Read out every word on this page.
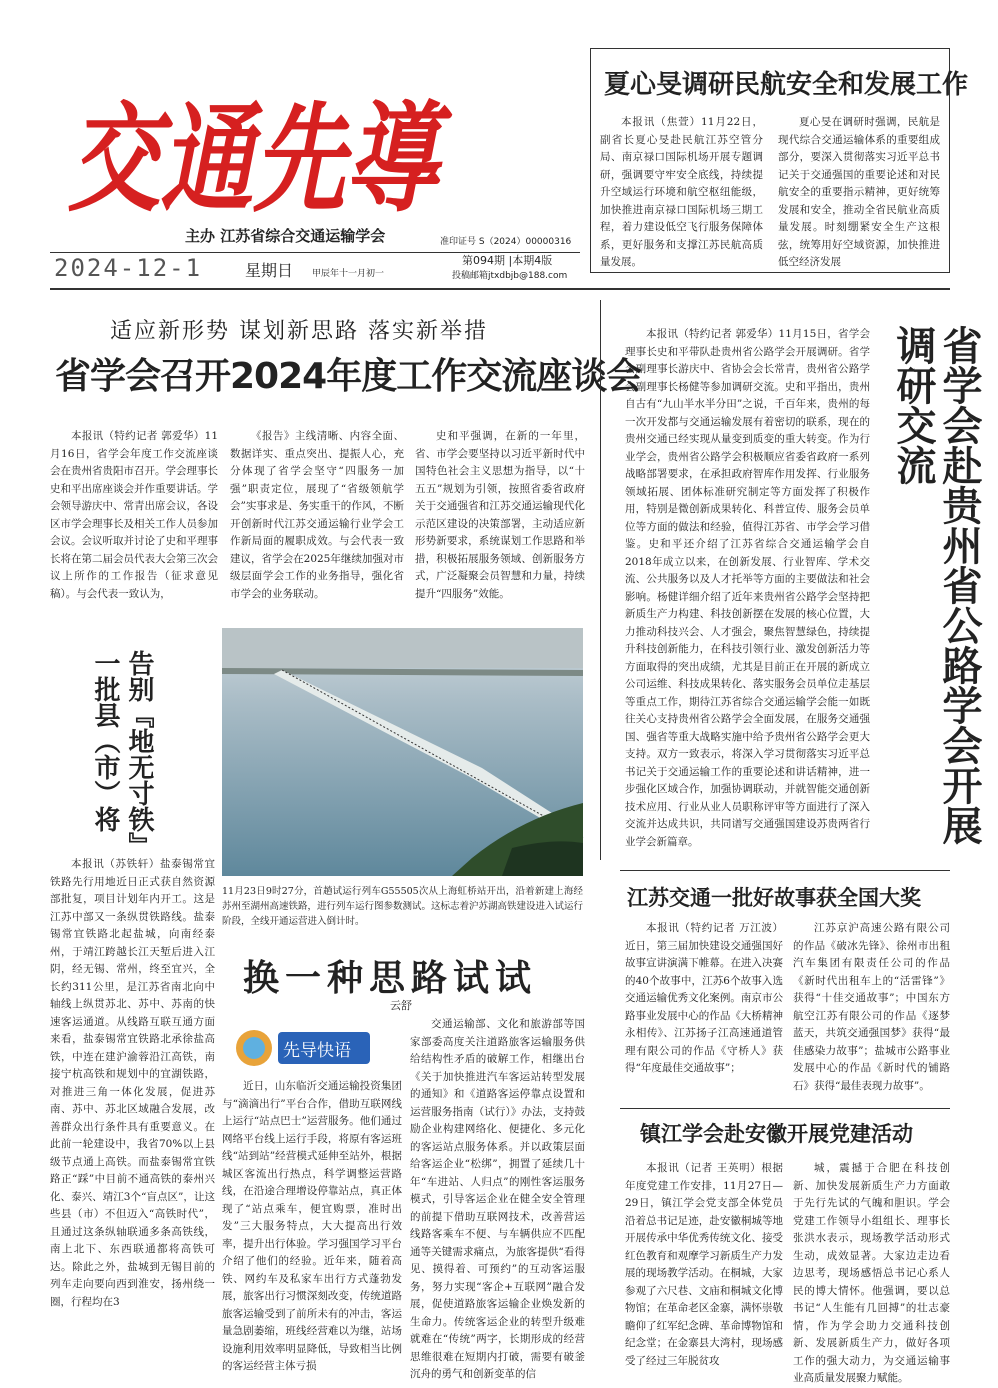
交通先導
主办 江苏省综合交通运输学会	准印证号 S（2024）00000316
2024-12-1	星期日 甲辰年十一月初一
第094期 |本期4版
投稿邮箱jtxdbjb@188.com
夏心旻调研民航安全和发展工作

本报讯（焦萱）11月22日，副省长夏心旻赴民航江苏空管分局、南京禄口国际机场开展专题调研，强调要守牢安全底线，持续提升空域运行环境和航空枢纽能级，加快推进南京禄口国际机场三期工程，着力建设低空飞行服务保障体系，更好服务和支撑江苏民航高质量发展。

夏心旻在调研时强调，民航是现代综合交通运输体系的重要组成部分，要深入贯彻落实习近平总书记关于交通强国的重要论述和对民航安全的重要指示精神，更好统筹发展和安全，推动全省民航业高质量发展。时刻绷紧安全生产这根弦，统筹用好空域资源，加快推进低空经济发展

适应新形势 谋划新思路 落实新举措
省学会召开2024年度工作交流座谈会

本报讯（特约记者 郭爱华）11月16日，省学会年度工作交流座谈会在贵州省贵阳市召开。学会理事长史和平出席座谈会并作重要讲话。学会领导游庆中、常青出席会议，各设区市学会理事长及相关工作人员参加会议。会议听取并讨论了史和平理事长将在第二届会员代表大会第三次会议上所作的工作报告（征求意见稿）。与会代表一致认为，

《报告》主线清晰、内容全面、数据详实、重点突出、提振人心，充分体现了省学会坚守“四服务一加强”职责定位，展现了“省级领航学会”实事求是、务实重干的作风，不断开创新时代江苏交通运输行业学会工作新局面的履职成效。与会代表一致建议，省学会在2025年继续加强对市级层面学会工作的业务指导，强化省市学会的业务联动。

史和平强调，在新的一年里，省、市学会要坚持以习近平新时代中国特色社会主义思想为指导，以“十五五”规划为引领，按照省委省政府关于交通强省和江苏交通运输现代化示范区建设的决策部署，主动适应新形势新要求，系统谋划工作思路和举措，积极拓展服务领域、创新服务方式，广泛凝聚会员智慧和力量，持续提升“四服务”效能。

本报讯（特约记者 郭爱华）11月15日，省学会理事长史和平带队赴贵州省公路学会开展调研。省学会副理事长游庆中、省协会会长常青，贵州省公路学会副理事长杨健等参加调研交流。史和平指出，贵州自古有“九山半水半分田”之说，千百年来，贵州的每一次开发都与交通运输发展有着密切的联系，现在的贵州交通已经实现从量变到质变的重大转变。作为行业学会，贵州省公路学会积极顺应省委省政府一系列战略部署要求，在承担政府智库作用发挥、行业服务领域拓展、团体标准研究制定等方面发挥了积极作用，特别是微创新成果转化、科普宣传、服务会员单位等方面的做法和经验，值得江苏省、市学会学习借鉴。史和平还介绍了江苏省综合交通运输学会自2018年成立以来，在创新发展、行业智库、学术交流、公共服务以及人才托举等方面的主要做法和社会影响。杨健详细介绍了近年来贵州省公路学会坚持把新质生产力构建、科技创新摆在发展的核心位置，大力推动科技兴会、人才强会，聚焦智慧绿色，持续提升科技创新能力，在科技引领行业、激发创新活力等方面取得的突出成绩，尤其是目前正在开展的新成立公司运维、科技成果转化、落实服务会员单位走基层等重点工作，期待江苏省综合交通运输学会能一如既往关心支持贵州省公路学会全面发展，在服务交通强国、强省等重大战略实施中给予贵州省公路学会更大支持。双方一致表示，将深入学习贯彻落实习近平总书记关于交通运输工作的重要论述和讲话精神，进一步强化区域合作，加强协调联动，并就智能交通创新技术应用、行业从业人员职称评审等方面进行了深入交流并达成共识，共同谱写交通强国建设苏贵两省行业学会新篇章。	省学会赴贵州省公路学会开展调研交流
告别『地无寸铁』一批县（市）将

本报讯（苏铁轩）盐泰锡常宜铁路先行用地近日正式获自然资源部批复，项目计划年内开工。这是江苏中部又一条纵贯铁路线。盐泰锡常宜铁路北起盐城，向南经泰州，于靖江跨越长江天堑后进入江阴，经无锡、常州，终至宜兴，全长约311公里，是江苏省南北向中轴线上纵贯苏北、苏中、苏南的快速客运通道。从线路互联互通方面来看，盐泰锡常宜铁路北承徐盐高铁，中连在建沪渝蓉沿江高铁，南接宁杭高铁和规划中的宜湖铁路，对推进三角一体化发展，促进苏南、苏中、苏北区域融合发展，改善群众出行条件具有重要意义。在此前一轮建设中，我省70%以上县级节点通上高铁。而盐泰锡常宜铁路正“踩”中目前不通高铁的泰州兴化、泰兴、靖江3个“盲点区”，让这些县（市）不但迈入“高铁时代”，且通过这条纵轴联通多条高铁线，南上北下、东西联通都将高铁可达。除此之外，盐城到无锡目前的列车走向要向西到淮安，扬州绕一圈，行程均在3

11月23日9时27分，首趟试运行列车G55505次从上海虹桥站开出，沿着新建上海经苏州至湖州高速铁路，进行列车运行图参数测试。这标志着沪苏湖高铁建设进入试运行阶段，全线开通运营进入倒计时。
换一种思路试试
云舒
先导快语

近日，山东临沂交通运输投资集团与“滴滴出行”平台合作，借助互联网线上运行“站点巴士”运营服务。他们通过网络平台线上运行手段，将原有客运班线“站到站”经营模式延伸至站外，根据城区客流出行热点，科学调整运营路线，在沿途合理增设停靠站点，真正体现了“站点乘车，便宜购票，准时出发”三大服务特点，大大提高出行效率，提升出行体验。学习强国学习平台介绍了他们的经验。近年来，随着高铁、网约车及私家车出行方式蓬勃发展，旅客出行习惯深刻改变，传统道路旅客运输受到了前所未有的冲击，客运量急剧萎缩，班线经营难以为继，站场设施利用效率明显降低，导致相当比例的客运经营主体亏损

交通运输部、文化和旅游部等国家部委高度关注道路旅客运输服务供给结构性矛盾的破解工作，相继出台《关于加快推进汽车客运站转型发展的通知》和《道路客运停靠点设置和运营服务指南（试行）》办法，支持鼓励企业构建网络化、便捷化、多元化的客运站点服务体系。并以政策层面给客运企业“松绑”，拥置了延续几十年“车进站、人归点”的刚性客运服务模式，引导客运企业在健全安全管理的前提下借助互联网技术，改善营运线路客乘车不便、与车辆供应不匹配通等关键需求痛点，为旅客提供“看得见、摸得着、可预约”的互动客运服务，努力实现“客企+互联网”融合发展，促使道路旅客运输企业焕发新的生命力。传统客运企业的转型升级难就难在“传统”两字，长期形成的经营思维很难在短期内打破，需要有破釜沉舟的勇气和创新变革的信

江苏交通一批好故事获全国大奖

本报讯（特约记者 万江波）近日，第三届加快建设交通强国好故事宣讲演满下帷幕。在进入决赛的40个故事中，江苏6个故事入选交通运输优秀文化案例。南京市公路事业发展中心的作品《大桥精神永相传》、江苏扬子江高速通道管理有限公司的作品《守桥人》获得“年度最佳交通故事”；

江苏京沪高速公路有限公司的作品《破冰先锋》、徐州市出租汽车集团有限责任公司的作品《新时代出租车上的“活雷锋”》获得“十佳交通故事”；中国东方航空江苏有限公司的作品《逐梦蓝天，共筑交通强国梦》获得“最佳感染力故事”；盐城市公路事业发展中心的作品《新时代的铺路石》获得“最佳表现力故事”。

镇江学会赴安徽开展党建活动

本报讯（记者 王英明）根据年度党建工作安排，11月27日—29日，镇江学会党支部全体党员沿着总书记足迹，赴安徽桐城等地开展传承中华优秀传统文化、接受红色教育和观摩学习新质生产力发展的现场教学活动。在桐城，大家参观了六尺巷、文庙和桐城文化博物馆；在革命老区金寨，满怀崇敬瞻仰了红军纪念碑、革命博物馆和纪念堂；在金寨县大湾村，现场感受了经过三年脱贫攻

城，震撼于合肥在科技创新、加快发展新质生产力方面敢于先行先试的气魄和胆识。学会党建工作领导小组组长、理事长张洪水表示，现场教学活动形式生动，成效显著。大家边走边看边思考，现场感悟总书记心系人民的博大情怀。他强调，要以总书记“人生能有几回搏”的壮志豪情，作为学会助力交通科技创新、发展新质生产力，做好各项工作的强大动力，为交通运输事业高质量发展聚力赋能。
